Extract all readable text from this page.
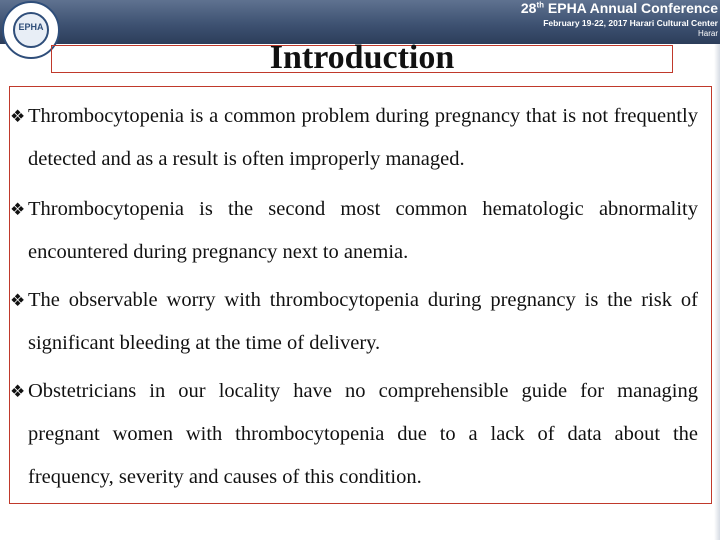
28th EPHA Annual Conference
February 19-22, 2017 Harari Cultural Center
Harar
EPHA
Introduction
❖ Thrombocytopenia is a common problem during pregnancy that is not frequently detected and as a result is often improperly managed.
❖ Thrombocytopenia is the second most common hematologic abnormality encountered during pregnancy next to anemia.
❖ The observable worry with thrombocytopenia during pregnancy is the risk of significant bleeding at the time of delivery.
❖ Obstetricians in our locality have no comprehensible guide for managing pregnant women with thrombocytopenia due to a lack of data about the frequency, severity and causes of this condition.
